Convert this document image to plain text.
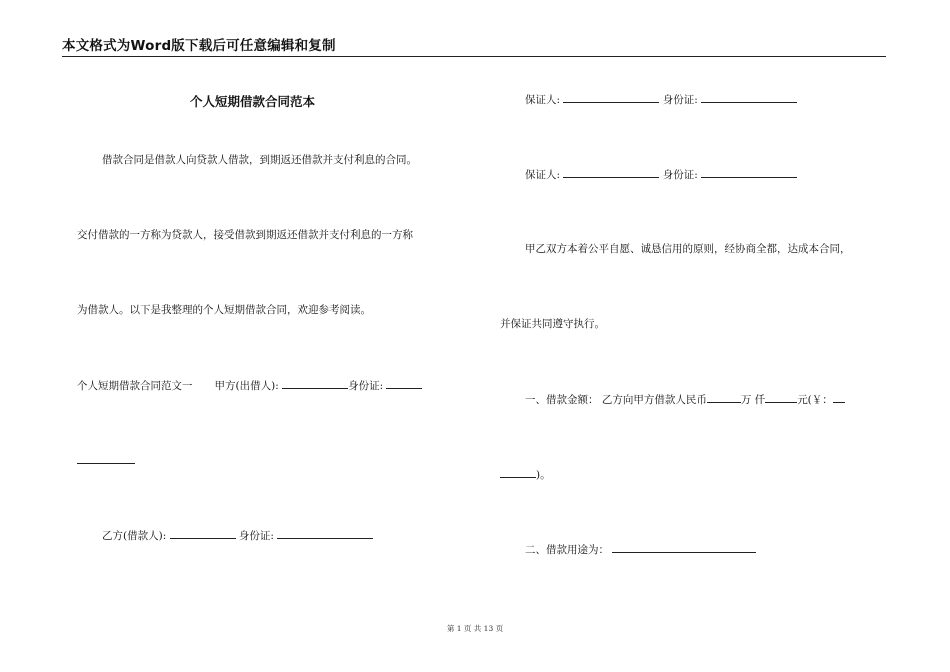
本文格式为Word版下载后可任意编辑和复制
个人短期借款合同范本
借款合同是借款人向贷款人借款，到期返还借款并支付利息的合同。
交付借款的一方称为贷款人，接受借款到期返还借款并支付利息的一方称
为借款人。以下是我整理的个人短期借款合同，欢迎参考阅读。
个人短期借款合同范文一 甲方(出借人):	身份证:
乙方(借款人):	身份证:
保证人:	身份证:
保证人:	身份证:
甲乙双方本着公平自愿、诚恳信用的原则，经协商全都，达成本合同，
并保证共同遵守执行。
一、借款金额： 乙方向甲方借款人民币	万 仟	元(￥：
)。
二、借款用途为：
第 1 页 共 13 页
